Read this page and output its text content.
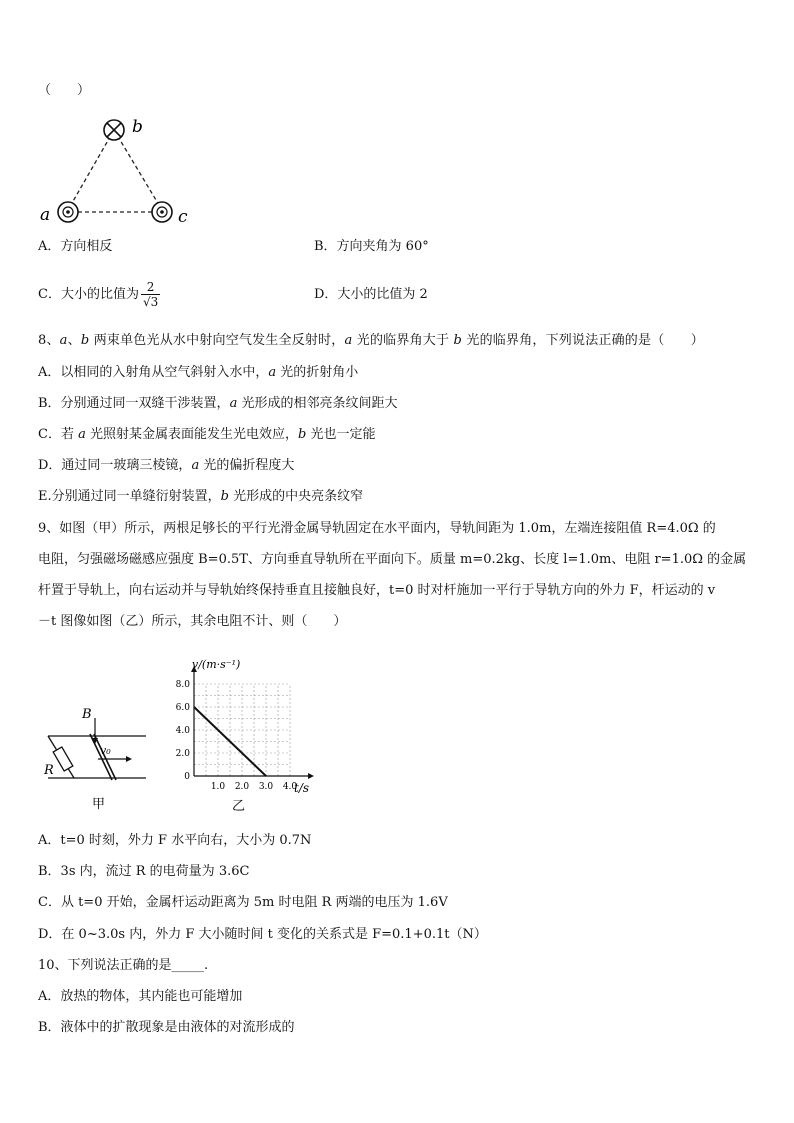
（　　）
b
a	c
A．方向相反	B．方向夹角为 60°
C．大小的比值为 $\frac{2}{√3}$	D．大小的比值为 2
8、a、b 两束单色光从水中射向空气发生全反射时，a 光的临界角大于 b 光的临界角，下列说法正确的是（　　）
A．以相同的入射角从空气斜射入水中，a 光的折射角小
B．分别通过同一双缝干涉装置，a 光形成的相邻亮条纹间距大
C．若 a 光照射某金属表面能发生光电效应，b 光也一定能
D．通过同一玻璃三棱镜，a 光的偏折程度大
E.分别通过同一单缝衍射装置，b 光形成的中央亮条纹窄
9、如图（甲）所示，两根足够长的平行光滑金属导轨固定在水平面内，导轨间距为 1.0m，左端连接阻值 R=4.0Ω 的
电阻，匀强磁场磁感应强度 B=0.5T、方向垂直导轨所在平面向下。质量 m=0.2kg、长度 l=1.0m、电阻 r=1.0Ω 的金属
杆置于导轨上，向右运动并与导轨始终保持垂直且接触良好，t=0 时对杆施加一平行于导轨方向的外力 F，杆运动的 v
－t 图像如图（乙）所示，其余电阻不计、则（　　）
B
R
v₀
甲
1.0 2.0 3.0 4.0
0
2.0
4.0
6.0
8.0
v/(m·s⁻¹)
t/s
乙
A．t=0 时刻，外力 F 水平向右，大小为 0.7N
B．3s 内，流过 R 的电荷量为 3.6C
C．从 t=0 开始，金属杆运动距离为 5m 时电阻 R 两端的电压为 1.6V
D．在 0~3.0s 内，外力 F 大小随时间 t 变化的关系式是 F=0.1+0.1t（N）
10、下列说法正确的是_____.
A．放热的物体，其内能也可能增加
B．液体中的扩散现象是由液体的对流形成的
